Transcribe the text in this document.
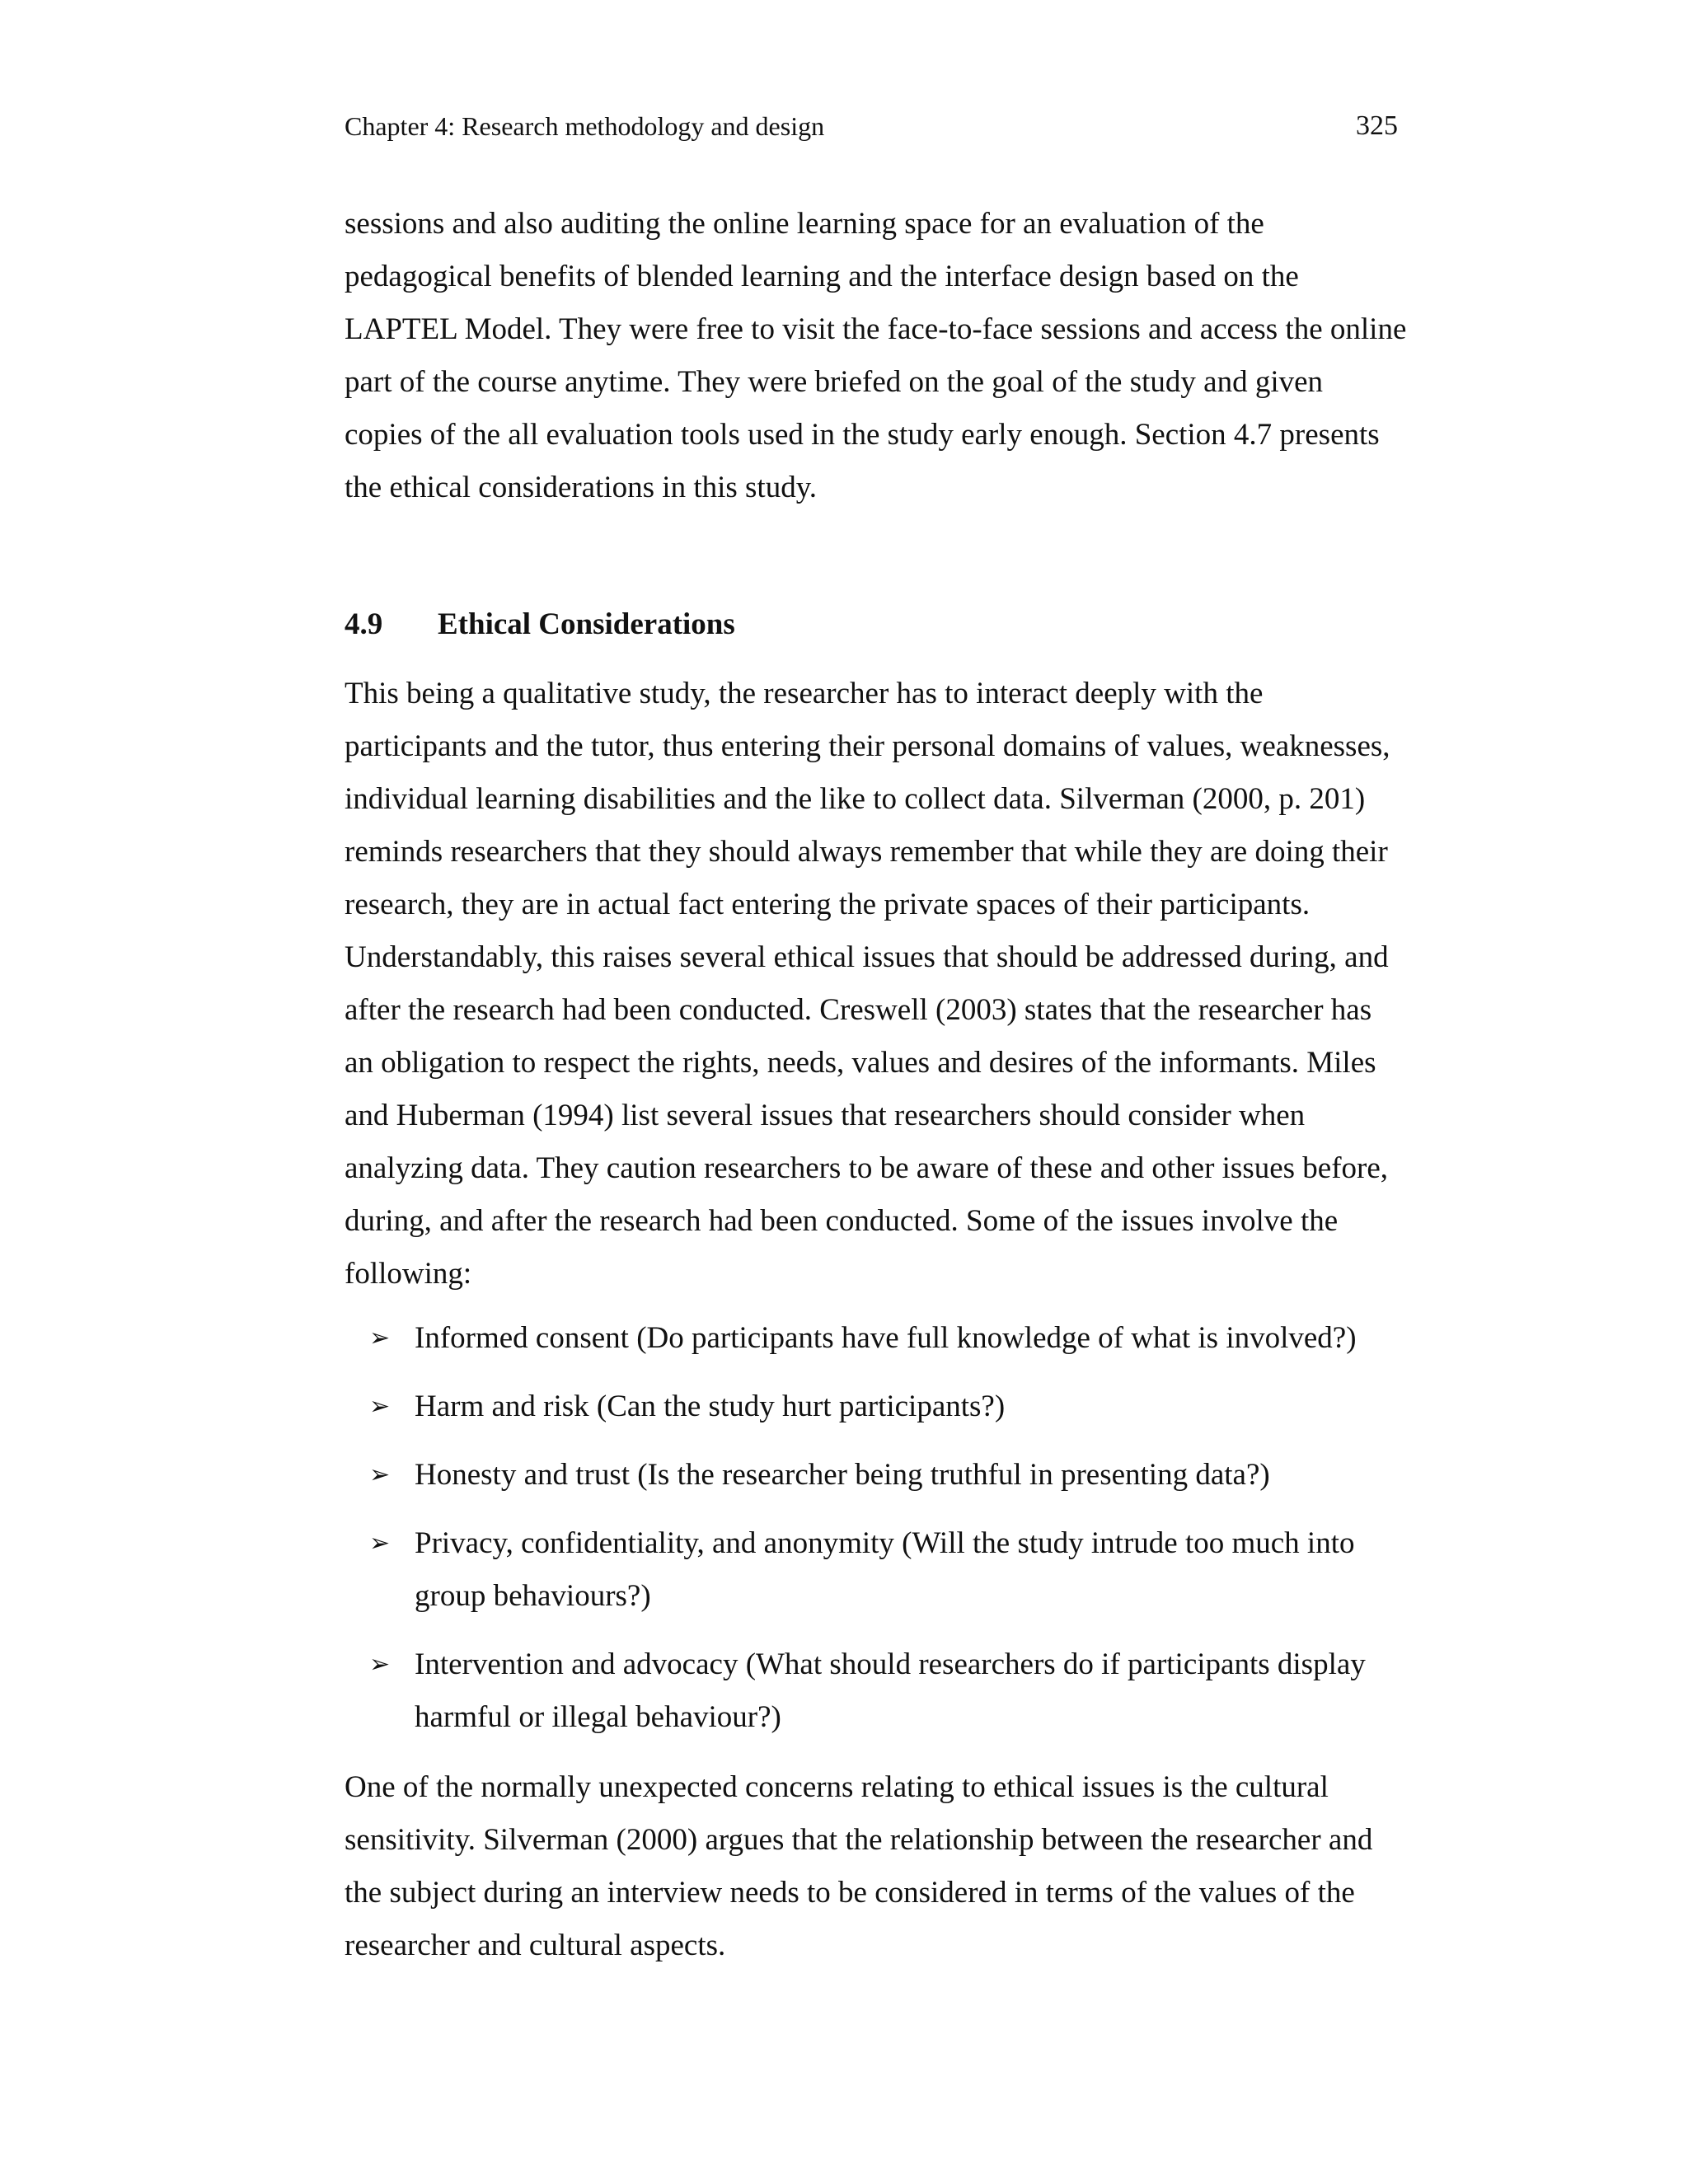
Chapter 4: Research methodology and design	325

sessions and also auditing the online learning space for an evaluation of the pedagogical benefits of blended learning and the interface design based on the LAPTEL Model. They were free to visit the face-to-face sessions and access the online part of the course anytime. They were briefed on the goal of the study and given copies of the all evaluation tools used in the study early enough. Section 4.7 presents the ethical considerations in this study.

4.9 Ethical Considerations

This being a qualitative study, the researcher has to interact deeply with the participants and the tutor, thus entering their personal domains of values, weaknesses, individual learning disabilities and the like to collect data. Silverman (2000, p. 201) reminds researchers that they should always remember that while they are doing their research, they are in actual fact entering the private spaces of their participants. Understandably, this raises several ethical issues that should be addressed during, and after the research had been conducted. Creswell (2003) states that the researcher has an obligation to respect the rights, needs, values and desires of the informants. Miles and Huberman (1994) list several issues that researchers should consider when analyzing data. They caution researchers to be aware of these and other issues before, during, and after the research had been conducted. Some of the issues involve the following:

➢ Informed consent (Do participants have full knowledge of what is involved?)
➢ Harm and risk (Can the study hurt participants?)
➢ Honesty and trust (Is the researcher being truthful in presenting data?)
➢ Privacy, confidentiality, and anonymity (Will the study intrude too much into group behaviours?)
➢ Intervention and advocacy (What should researchers do if participants display harmful or illegal behaviour?)

One of the normally unexpected concerns relating to ethical issues is the cultural sensitivity. Silverman (2000) argues that the relationship between the researcher and the subject during an interview needs to be considered in terms of the values of the researcher and cultural aspects.
